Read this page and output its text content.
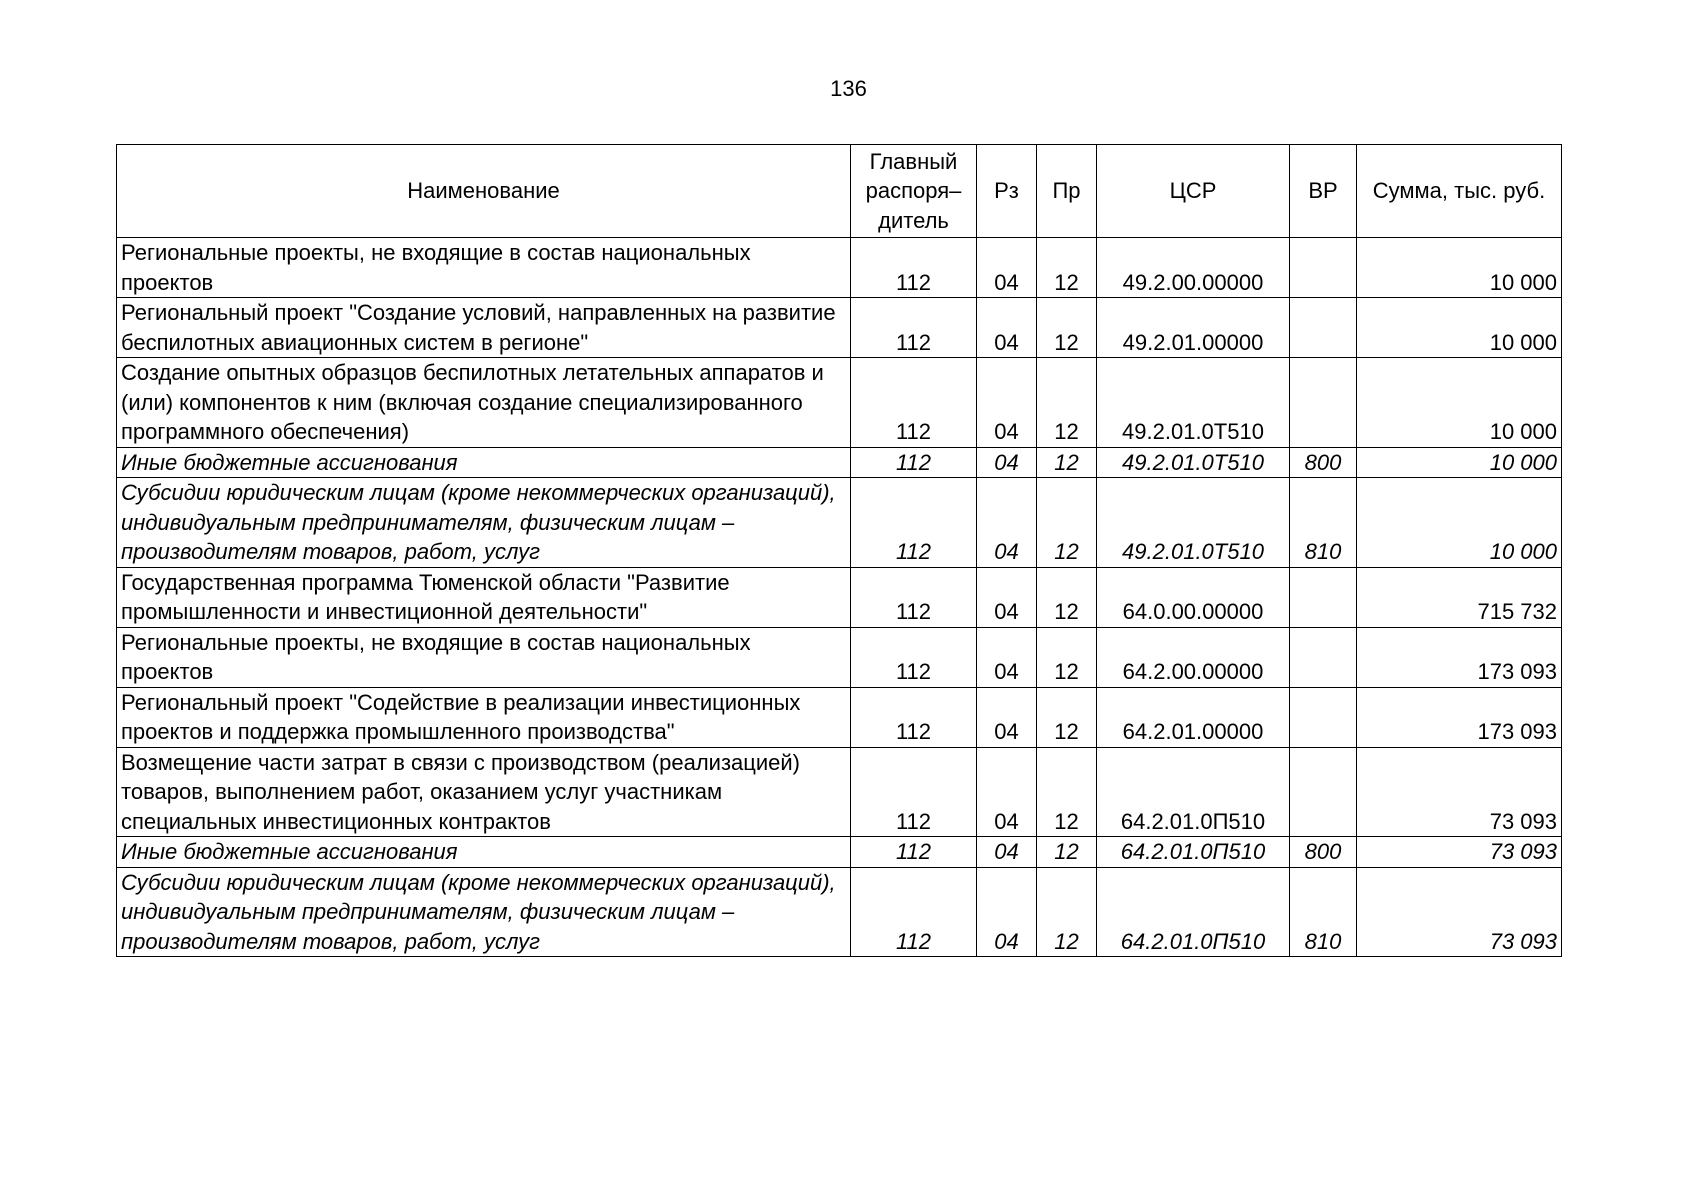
136
Наименование	Главный распоря– дитель	Рз	Пр	ЦСР	ВР	Сумма, тыс. руб.
Региональные проекты, не входящие в состав национальных проектов	112	04	12	49.2.00.00000		10 000
Региональный проект "Создание условий, направленных на развитие беспилотных авиационных систем в регионе"	112	04	12	49.2.01.00000		10 000
Создание опытных образцов беспилотных летательных аппаратов и (или) компонентов к ним (включая создание специализированного программного обеспечения)	112	04	12	49.2.01.0Т510		10 000
Иные бюджетные ассигнования	112	04	12	49.2.01.0Т510	800	10 000
Субсидии юридическим лицам (кроме некоммерческих организаций), индивидуальным предпринимателям, физическим лицам – производителям товаров, работ, услуг	112	04	12	49.2.01.0Т510	810	10 000
Государственная программа Тюменской области "Развитие промышленности и инвестиционной деятельности"	112	04	12	64.0.00.00000		715 732
Региональные проекты, не входящие в состав национальных проектов	112	04	12	64.2.00.00000		173 093
Региональный проект "Содействие в реализации инвестиционных проектов и поддержка промышленного производства"	112	04	12	64.2.01.00000		173 093
Возмещение части затрат в связи с производством (реализацией) товаров, выполнением работ, оказанием услуг участникам специальных инвестиционных контрактов	112	04	12	64.2.01.0П510		73 093
Иные бюджетные ассигнования	112	04	12	64.2.01.0П510	800	73 093
Субсидии юридическим лицам (кроме некоммерческих организаций), индивидуальным предпринимателям, физическим лицам – производителям товаров, работ, услуг	112	04	12	64.2.01.0П510	810	73 093
